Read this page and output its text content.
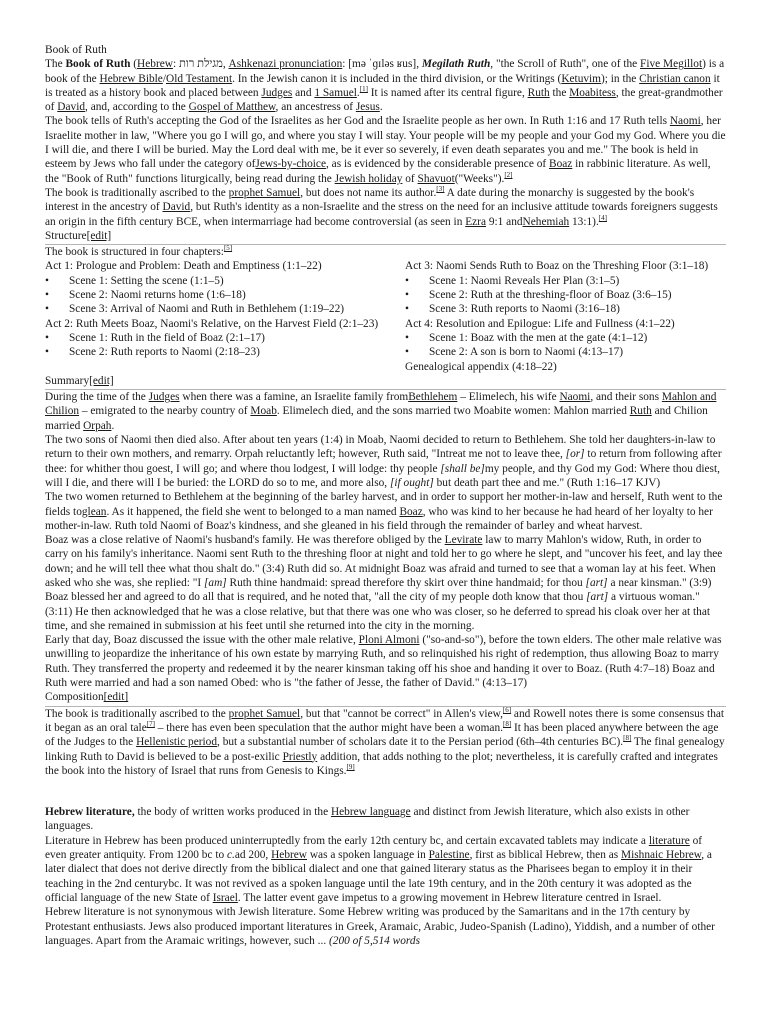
Book of Ruth

The Book of Ruth (Hebrew: מגילת רות, Ashkenazi pronunciation: [mə ˈɡɪləs ʁus], Megilath Ruth, "the Scroll of Ruth", one of the Five Megillot) is a book of the Hebrew Bible/Old Testament. In the Jewish canon it is included in the third division, or the Writings (Ketuvim); in the Christian canon it is treated as a history book and placed between Judges and 1 Samuel.[1] It is named after its central figure, Ruth the Moabitess, the great-grandmother of David, and, according to the Gospel of Matthew, an ancestress of Jesus.

The book tells of Ruth's accepting the God of the Israelites as her God and the Israelite people as her own. In Ruth 1:16 and 17 Ruth tells Naomi, her Israelite mother in law, "Where you go I will go, and where you stay I will stay. Your people will be my people and your God my God. Where you die I will die, and there I will be buried. May the Lord deal with me, be it ever so severely, if even death separates you and me." The book is held in esteem by Jews who fall under the category ofJews-by-choice, as is evidenced by the considerable presence of Boaz in rabbinic literature. As well, the "Book of Ruth" functions liturgically, being read during the Jewish holiday of Shavuot("Weeks").[2]

The book is traditionally ascribed to the prophet Samuel, but does not name its author.[3] A date during the monarchy is suggested by the book's interest in the ancestry of David, but Ruth's identity as a non-Israelite and the stress on the need for an inclusive attitude towards foreigners suggests an origin in the fifth century BCE, when intermarriage had become controversial (as seen in Ezra 9:1 andNehemiah 13:1).[4]

Structure[edit]

The book is structured in four chapters:[5]

Act 1: Prologue and Problem: Death and Emptiness (1:1–22)

•	Scene 1: Setting the scene (1:1–5)

•	Scene 2: Naomi returns home (1:6–18)

•	Scene 3: Arrival of Naomi and Ruth in Bethlehem (1:19–22)

Act 2: Ruth Meets Boaz, Naomi's Relative, on the Harvest Field (2:1–23)

•	Scene 1: Ruth in the field of Boaz (2:1–17)

•	Scene 2: Ruth reports to Naomi (2:18–23)

Act 3: Naomi Sends Ruth to Boaz on the Threshing Floor (3:1–18)

•	Scene 1: Naomi Reveals Her Plan (3:1–5)

•	Scene 2: Ruth at the threshing-floor of Boaz (3:6–15)

•	Scene 3: Ruth reports to Naomi (3:16–18)

Act 4: Resolution and Epilogue: Life and Fullness (4:1–22)

•	Scene 1: Boaz with the men at the gate (4:1–12)

•	Scene 2: A son is born to Naomi (4:13–17)

Genealogical appendix (4:18–22)

Summary[edit]

During the time of the Judges when there was a famine, an Israelite family fromBethlehem – Elimelech, his wife Naomi, and their sons Mahlon and Chilion – emigrated to the nearby country of Moab. Elimelech died, and the sons married two Moabite women: Mahlon married Ruth and Chilion married Orpah.

The two sons of Naomi then died also. After about ten years (1:4) in Moab, Naomi decided to return to Bethlehem. She told her daughters-in-law to return to their own mothers, and remarry. Orpah reluctantly left; however, Ruth said, "Intreat me not to leave thee, [or] to return from following after thee: for whither thou goest, I will go; and where thou lodgest, I will lodge: thy people [shall be]my people, and thy God my God: Where thou diest, will I die, and there will I be buried: the LORD do so to me, and more also, [if ought] but death part thee and me." (Ruth 1:16–17 KJV)

The two women returned to Bethlehem at the beginning of the barley harvest, and in order to support her mother-in-law and herself, Ruth went to the fields toglean. As it happened, the field she went to belonged to a man named Boaz, who was kind to her because he had heard of her loyalty to her mother-in-law. Ruth told Naomi of Boaz's kindness, and she gleaned in his field through the remainder of barley and wheat harvest.

Boaz was a close relative of Naomi's husband's family. He was therefore obliged by the Levirate law to marry Mahlon's widow, Ruth, in order to carry on his family's inheritance. Naomi sent Ruth to the threshing floor at night and told her to go where he slept, and "uncover his feet, and lay thee down; and he will tell thee what thou shalt do." (3:4) Ruth did so. At midnight Boaz was afraid and turned to see that a woman lay at his feet. When asked who she was, she replied: "I [am] Ruth thine handmaid: spread therefore thy skirt over thine handmaid; for thou [art] a near kinsman." (3:9) Boaz blessed her and agreed to do all that is required, and he noted that, "all the city of my people doth know that thou [art] a virtuous woman." (3:11) He then acknowledged that he was a close relative, but that there was one who was closer, so he deferred to spread his cloak over her at that time, and she remained in submission at his feet until she returned into the city in the morning.

Early that day, Boaz discussed the issue with the other male relative, Ploni Almoni ("so-and-so"), before the town elders. The other male relative was unwilling to jeopardize the inheritance of his own estate by marrying Ruth, and so relinquished his right of redemption, thus allowing Boaz to marry Ruth. They transferred the property and redeemed it by the nearer kinsman taking off his shoe and handing it over to Boaz. (Ruth 4:7–18) Boaz and Ruth were married and had a son named Obed: who is "the father of Jesse, the father of David." (4:13–17)

Composition[edit]

The book is traditionally ascribed to the prophet Samuel, but that "cannot be correct" in Allen's view,[6] and Rowell notes there is some consensus that it began as an oral tale[7] – there has even been speculation that the author might have been a woman.[8] It has been placed anywhere between the age of the Judges to the Hellenistic period, but a substantial number of scholars date it to the Persian period (6th–4th centuries BC).[8] The final genealogy linking Ruth to David is believed to be a post-exilic Priestly addition, that adds nothing to the plot; nevertheless, it is carefully crafted and integrates the book into the history of Israel that runs from Genesis to Kings.[9]

Hebrew literature, the body of written works produced in the Hebrew language and distinct from Jewish literature, which also exists in other languages.

Literature in Hebrew has been produced uninterruptedly from the early 12th century bc, and certain excavated tablets may indicate a literature of even greater antiquity. From 1200 bc to c.ad 200, Hebrew was a spoken language in Palestine, first as biblical Hebrew, then as Mishnaic Hebrew, a later dialect that does not derive directly from the biblical dialect and one that gained literary status as the Pharisees began to employ it in their teaching in the 2nd centurybc. It was not revived as a spoken language until the late 19th century, and in the 20th century it was adopted as the official language of the new State of Israel. The latter event gave impetus to a growing movement in Hebrew literature centred in Israel.

Hebrew literature is not synonymous with Jewish literature. Some Hebrew writing was produced by the Samaritans and in the 17th century by Protestant enthusiasts. Jews also produced important literatures in Greek, Aramaic, Arabic, Judeo-Spanish (Ladino), Yiddish, and a number of other languages. Apart from the Aramaic writings, however, such ... (200 of 5,514 words
